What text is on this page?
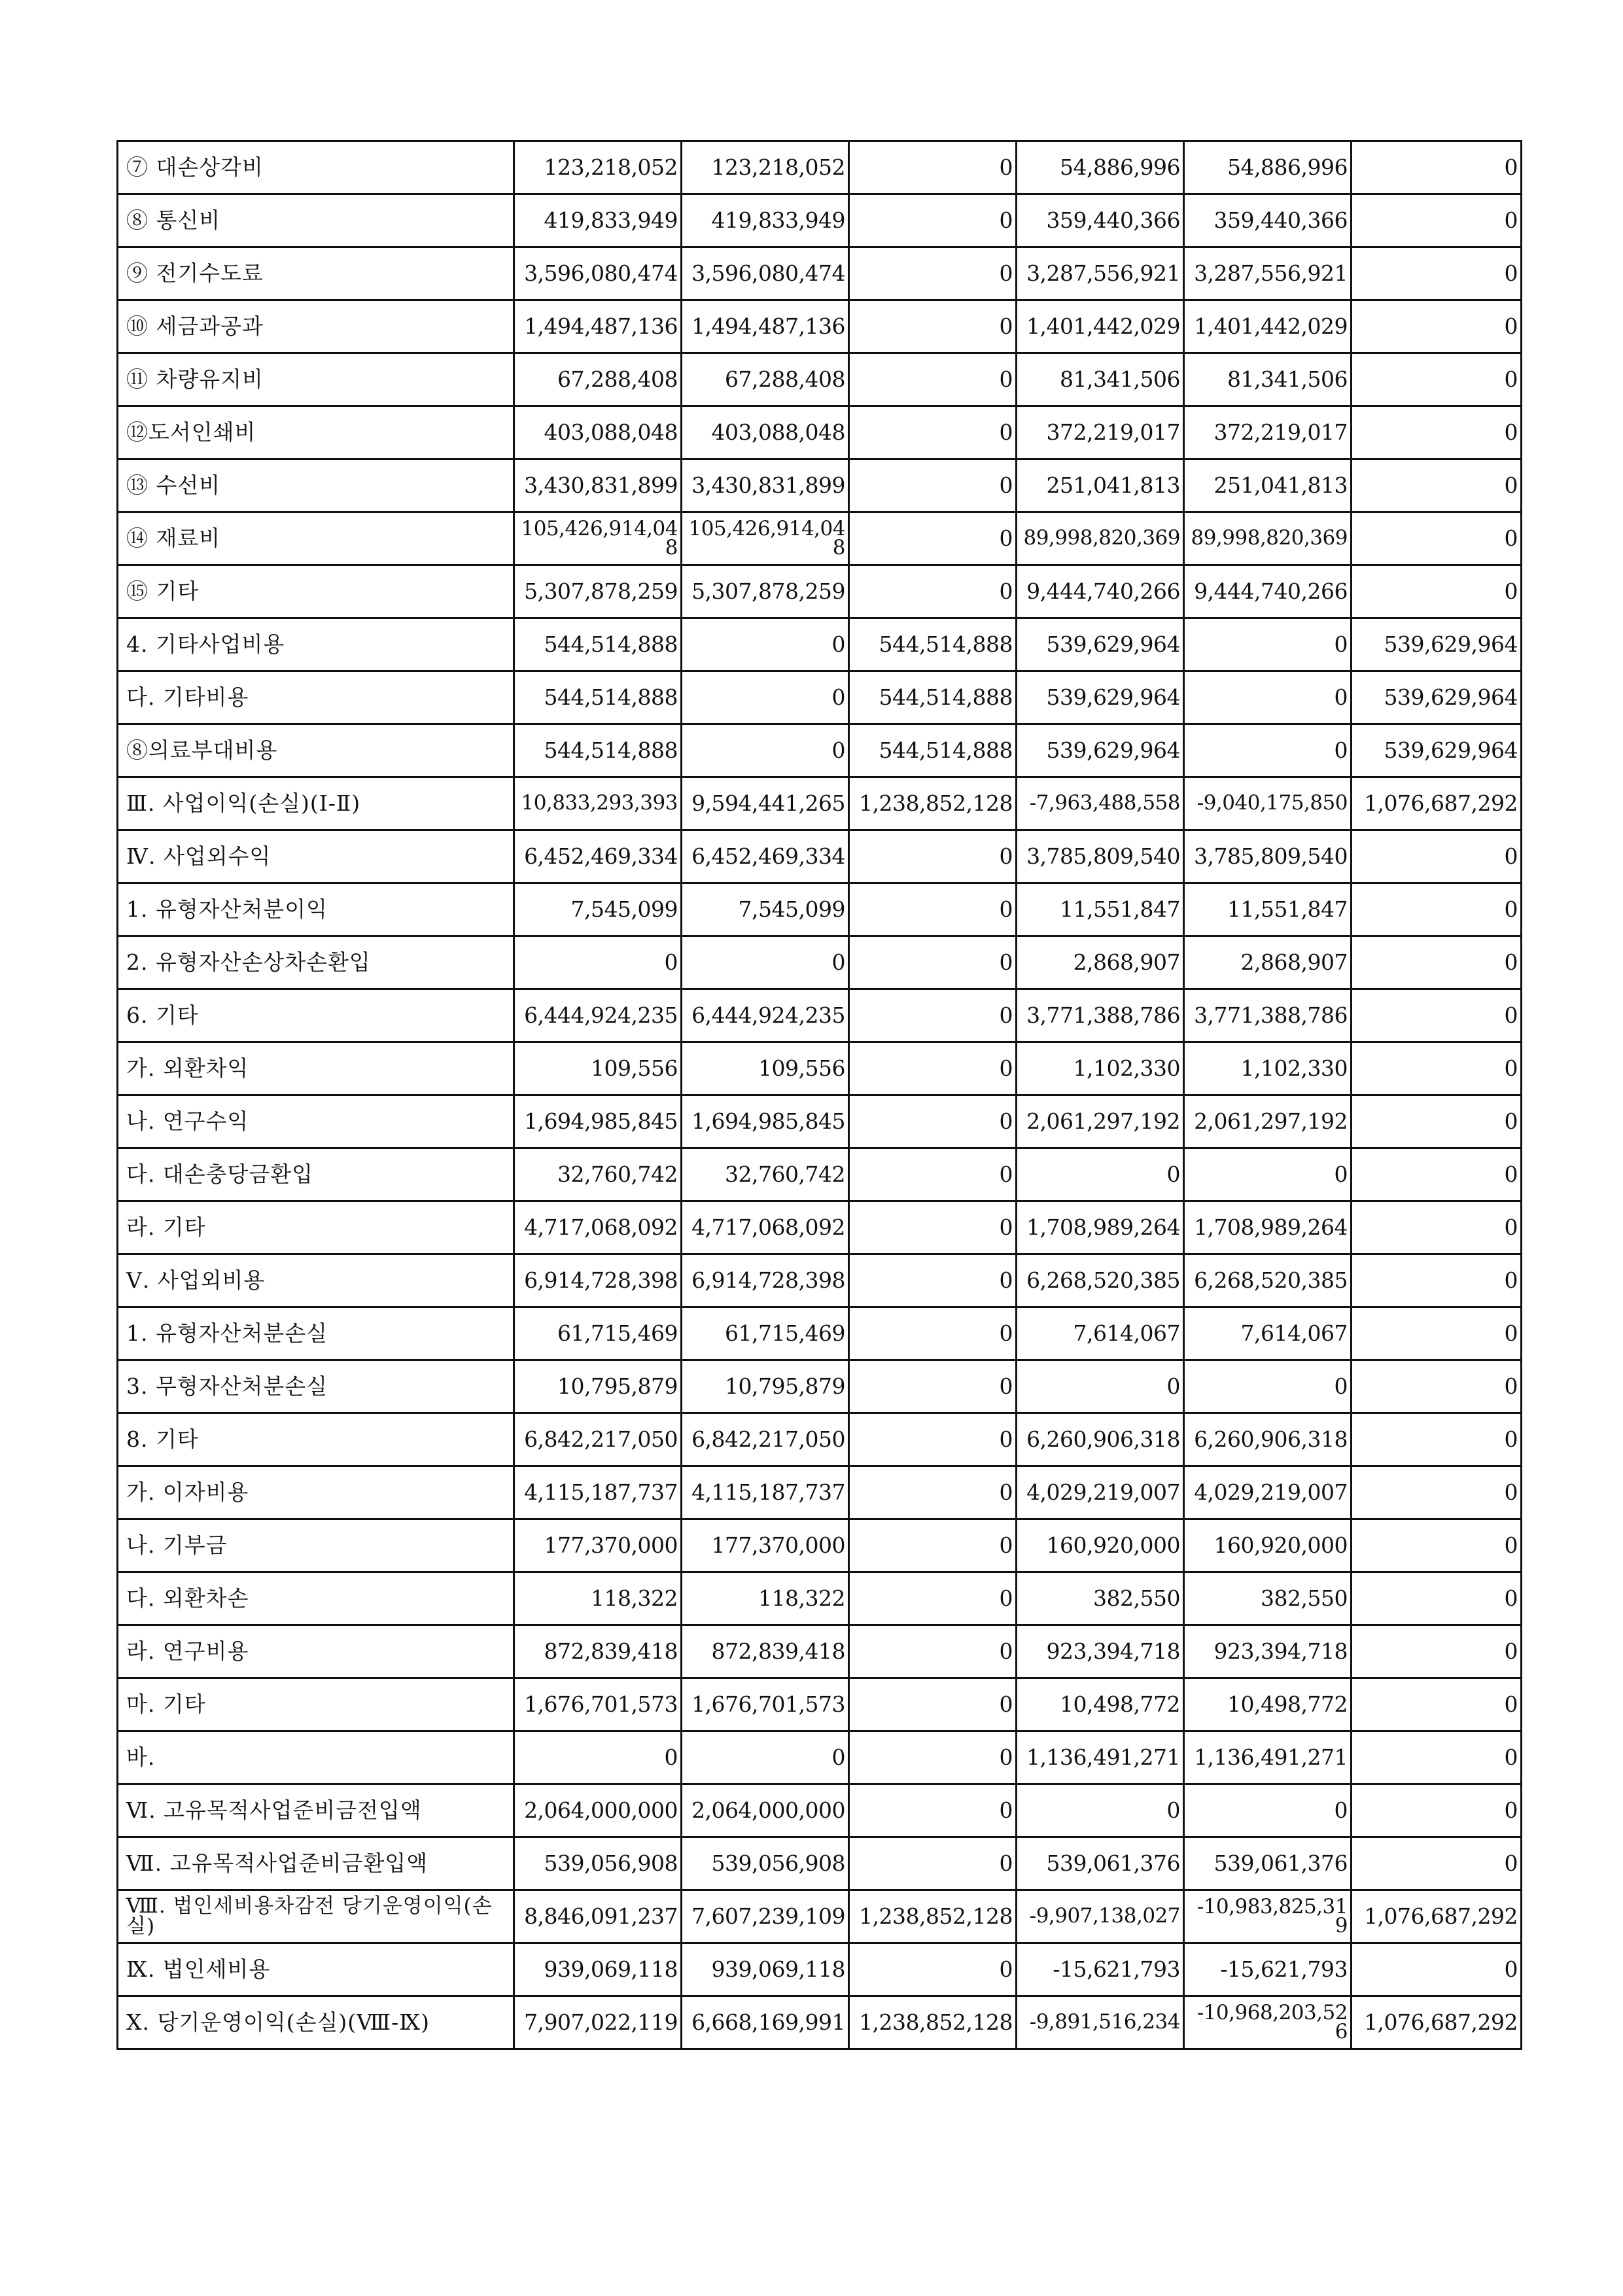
⑦ 대손상각비	123,218,052	123,218,052	0	54,886,996	54,886,996	0
⑧ 통신비	419,833,949	419,833,949	0	359,440,366	359,440,366	0
⑨ 전기수도료	3,596,080,474	3,596,080,474	0	3,287,556,921	3,287,556,921	0
⑩ 세금과공과	1,494,487,136	1,494,487,136	0	1,401,442,029	1,401,442,029	0
⑪ 차량유지비	67,288,408	67,288,408	0	81,341,506	81,341,506	0
⑫도서인쇄비	403,088,048	403,088,048	0	372,219,017	372,219,017	0
⑬ 수선비	3,430,831,899	3,430,831,899	0	251,041,813	251,041,813	0
⑭ 재료비	105,426,914,048	105,426,914,048	0	89,998,820,369	89,998,820,369	0
⑮ 기타	5,307,878,259	5,307,878,259	0	9,444,740,266	9,444,740,266	0
4. 기타사업비용	544,514,888	0	544,514,888	539,629,964	0	539,629,964
다. 기타비용	544,514,888	0	544,514,888	539,629,964	0	539,629,964
⑧의료부대비용	544,514,888	0	544,514,888	539,629,964	0	539,629,964
Ⅲ. 사업이익(손실)(Ⅰ-Ⅱ)	10,833,293,393	9,594,441,265	1,238,852,128	-7,963,488,558	-9,040,175,850	1,076,687,292
Ⅳ. 사업외수익	6,452,469,334	6,452,469,334	0	3,785,809,540	3,785,809,540	0
1. 유형자산처분이익	7,545,099	7,545,099	0	11,551,847	11,551,847	0
2. 유형자산손상차손환입	0	0	0	2,868,907	2,868,907	0
6. 기타	6,444,924,235	6,444,924,235	0	3,771,388,786	3,771,388,786	0
가. 외환차익	109,556	109,556	0	1,102,330	1,102,330	0
나. 연구수익	1,694,985,845	1,694,985,845	0	2,061,297,192	2,061,297,192	0
다. 대손충당금환입	32,760,742	32,760,742	0	0	0	0
라. 기타	4,717,068,092	4,717,068,092	0	1,708,989,264	1,708,989,264	0
Ⅴ. 사업외비용	6,914,728,398	6,914,728,398	0	6,268,520,385	6,268,520,385	0
1. 유형자산처분손실	61,715,469	61,715,469	0	7,614,067	7,614,067	0
3. 무형자산처분손실	10,795,879	10,795,879	0	0	0	0
8. 기타	6,842,217,050	6,842,217,050	0	6,260,906,318	6,260,906,318	0
가. 이자비용	4,115,187,737	4,115,187,737	0	4,029,219,007	4,029,219,007	0
나. 기부금	177,370,000	177,370,000	0	160,920,000	160,920,000	0
다. 외환차손	118,322	118,322	0	382,550	382,550	0
라. 연구비용	872,839,418	872,839,418	0	923,394,718	923,394,718	0
마. 기타	1,676,701,573	1,676,701,573	0	10,498,772	10,498,772	0
바.	0	0	0	1,136,491,271	1,136,491,271	0
Ⅵ. 고유목적사업준비금전입액	2,064,000,000	2,064,000,000	0	0	0	0
Ⅶ. 고유목적사업준비금환입액	539,056,908	539,056,908	0	539,061,376	539,061,376	0
Ⅷ. 법인세비용차감전 당기운영이익(손실)	8,846,091,237	7,607,239,109	1,238,852,128	-9,907,138,027	-10,983,825,319	1,076,687,292
Ⅸ. 법인세비용	939,069,118	939,069,118	0	-15,621,793	-15,621,793	0
Ⅹ. 당기운영이익(손실)(Ⅷ-Ⅸ)	7,907,022,119	6,668,169,991	1,238,852,128	-9,891,516,234	-10,968,203,526	1,076,687,292
